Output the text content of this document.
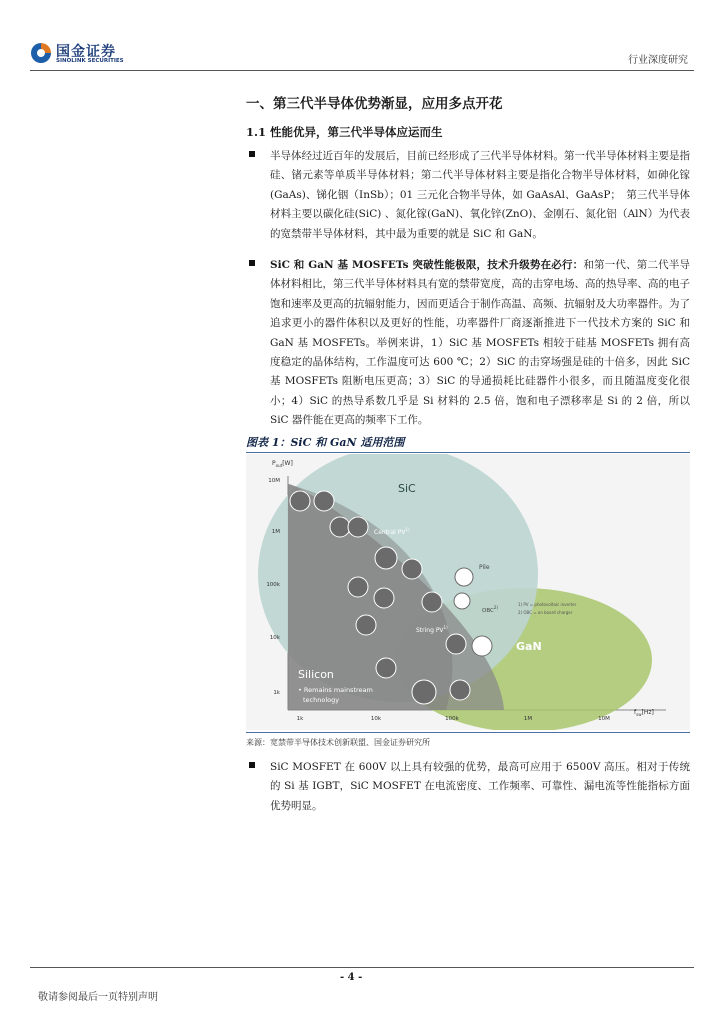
国金证券
SINOLINK SECURITIES	行业深度研究
一、第三代半导体优势渐显，应用多点开花
1.1 性能优异，第三代半导体应运而生
半导体经过近百年的发展后，目前已经形成了三代半导体材料。第一代半导体材料主要是指硅、锗元素等单质半导体材料；第二代半导体材料主要是指化合物半导体材料，如砷化镓(GaAs)、锑化铟（InSb）；01 三元化合物半导体，如 GaAsAl、GaAsP；　第三代半导体材料主要以碳化硅(SiC) 、氮化镓(GaN)、氧化锌(ZnO)、金刚石、氮化铝（AlN）为代表的宽禁带半导体材料，其中最为重要的就是 SiC 和 GaN。
SiC 和 GaN 基 MOSFETs 突破性能极限，技术升级势在必行：和第一代、第二代半导体材料相比，第三代半导体材料具有宽的禁带宽度，高的击穿电场、高的热导率、高的电子饱和速率及更高的抗辐射能力，因而更适合于制作高温、高频、抗辐射及大功率器件。为了追求更小的器件体积以及更好的性能，功率器件厂商逐渐推进下一代技术方案的 SiC 和 GaN 基 MOSFETs。举例来讲，1）SiC 基 MOSFETs 相较于硅基 MOSFETs 拥有高度稳定的晶体结构，工作温度可达 600 ℃；2）SiC 的击穿场强是硅的十倍多，因此 SiC 基 MOSFETs 阻断电压更高；3）SiC 的导通损耗比硅器件小很多，而且随温度变化很小；4）SiC 的热导系数几乎是 Si 材料的 2.5 倍，饱和电子漂移率是 Si 的 2 倍，所以 SiC 器件能在更高的频率下工作。
图表 1：SiC 和 GaN 适用范围
SiC
GaN
Silicon
• Remains mainstream
technology
Central PV$^{1)}$
String PV$^{1)}$
Pile
OBC$^{2)}$
1) PV = photovoltaic inverter
2) OBC = on board charger
10M
1M
100k
10k
1k
1k	10k	100k	1M	10M
$P_{out}[W]$
$f_{sw}[Hz]$
来源：宽禁带半导体技术创新联盟、国金证券研究所
SiC MOSFET 在 600V 以上具有较强的优势，最高可应用于 6500V 高压。相对于传统的 Si 基 IGBT，SiC MOSFET 在电流密度、工作频率、可靠性、漏电流等性能指标方面优势明显。
- 4 -
敬请参阅最后一页特别声明
